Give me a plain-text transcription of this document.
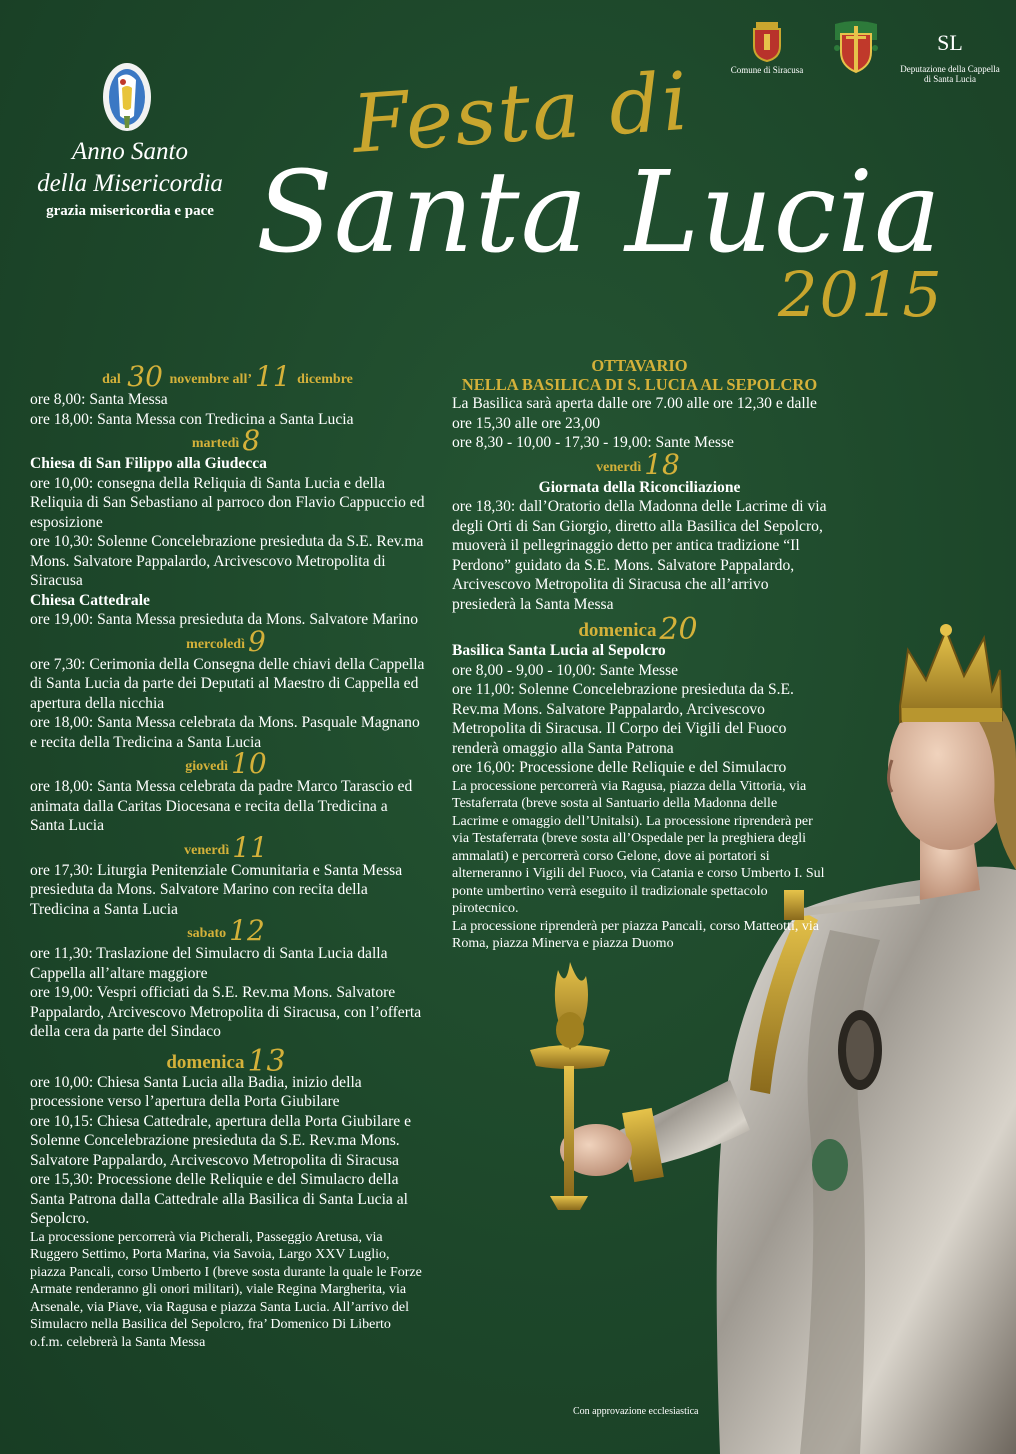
Anno Santo
della Misericordia
grazia misericordia e pace
Comune di Siracusa
SL
Deputazione della Cappella
di Santa Lucia
Festa di
Santa Lucia
2015
dal 30 novembre all’ 11 dicembre

ore 8,00: Santa Messa

ore 18,00: Santa Messa con Tredicina a Santa Lucia

martedì 8

Chiesa di San Filippo alla Giudecca

ore 10,00: consegna della Reliquia di Santa Lucia e della Reliquia di San Sebastiano al parroco don Flavio Cappuccio ed esposizione

ore 10,30: Solenne Concelebrazione presieduta da S.E. Rev.ma Mons. Salvatore Pappalardo, Arcivescovo Metropolita di Siracusa

Chiesa Cattedrale

ore 19,00: Santa Messa presieduta da Mons. Salvatore Marino

mercoledì 9

ore 7,30: Cerimonia della Consegna delle chiavi della Cappella di Santa Lucia da parte dei Deputati al Maestro di Cappella ed apertura della nicchia

ore 18,00: Santa Messa celebrata da Mons. Pasquale Magnano e recita della Tredicina a Santa Lucia

giovedì 10

ore 18,00: Santa Messa celebrata da padre Marco Tarascio ed animata dalla Caritas Diocesana e recita della Tredicina a Santa Lucia

venerdì 11

ore 17,30: Liturgia Penitenziale Comunitaria e Santa Messa presieduta da Mons. Salvatore Marino con recita della Tredicina a Santa Lucia

sabato 12

ore 11,30: Traslazione del Simulacro di Santa Lucia dalla Cappella all’altare maggiore

ore 19,00: Vespri officiati da S.E. Rev.ma Mons. Salvatore Pappalardo, Arcivescovo Metropolita di Siracusa, con l’offerta della cera da parte del Sindaco

domenica 13

ore 10,00: Chiesa Santa Lucia alla Badia, inizio della processione verso l’apertura della Porta Giubilare

ore 10,15: Chiesa Cattedrale, apertura della Porta Giubilare e Solenne Concelebrazione presieduta da S.E. Rev.ma Mons. Salvatore Pappalardo, Arcivescovo Metropolita di Siracusa

ore 15,30: Processione delle Reliquie e del Simulacro della Santa Patrona dalla Cattedrale alla Basilica di Santa Lucia al Sepolcro.

La processione percorrerà via Picherali, Passeggio Aretusa, via Ruggero Settimo, Porta Marina, via Savoia, Largo XXV Luglio, piazza Pancali, corso Umberto I (breve sosta durante la quale le Forze Armate renderanno gli onori militari), viale Regina Margherita, via Arsenale, via Piave, via Ragusa e piazza Santa Lucia. All’arrivo del Simulacro nella Basilica del Sepolcro, fra’ Domenico Di Liberto o.f.m. celebrerà la Santa Messa

OTTAVARIO
NELLA BASILICA DI S. LUCIA AL SEPOLCRO

La Basilica sarà aperta dalle ore 7.00 alle ore 12,30 e dalle ore 15,30 alle ore 23,00

ore 8,30 - 10,00 - 17,30 - 19,00: Sante Messe

venerdì 18

Giornata della Riconciliazione

ore 18,30: dall’Oratorio della Madonna delle Lacrime di via degli Orti di San Giorgio, diretto alla Basilica del Sepolcro, muoverà il pellegrinaggio detto per antica tradizione “Il Perdono” guidato da S.E. Mons. Salvatore Pappalardo, Arcivescovo Metropolita di Siracusa che all’arrivo presiederà la Santa Messa

domenica 20

Basilica Santa Lucia al Sepolcro

ore 8,00 - 9,00 - 10,00: Sante Messe

ore 11,00: Solenne Concelebrazione presieduta da S.E. Rev.ma Mons. Salvatore Pappalardo, Arcivescovo Metropolita di Siracusa. Il Corpo dei Vigili del Fuoco renderà omaggio alla Santa Patrona

ore 16,00: Processione delle Reliquie e del Simulacro

La processione percorrerà via Ragusa, piazza della Vittoria, via Testaferrata (breve sosta al Santuario della Madonna delle Lacrime e omaggio dell’Unitalsi). La processione riprenderà per via Testaferrata (breve sosta all’Ospedale per la preghiera degli ammalati) e percorrerà corso Gelone, dove ai portatori si alterneranno i Vigili del Fuoco, via Catania e corso Umberto I. Sul ponte umbertino verrà eseguito il tradizionale spettacolo pirotecnico.

La processione riprenderà per piazza Pancali, corso Matteotti, via Roma, piazza Minerva e piazza Duomo

Con approvazione ecclesiastica
